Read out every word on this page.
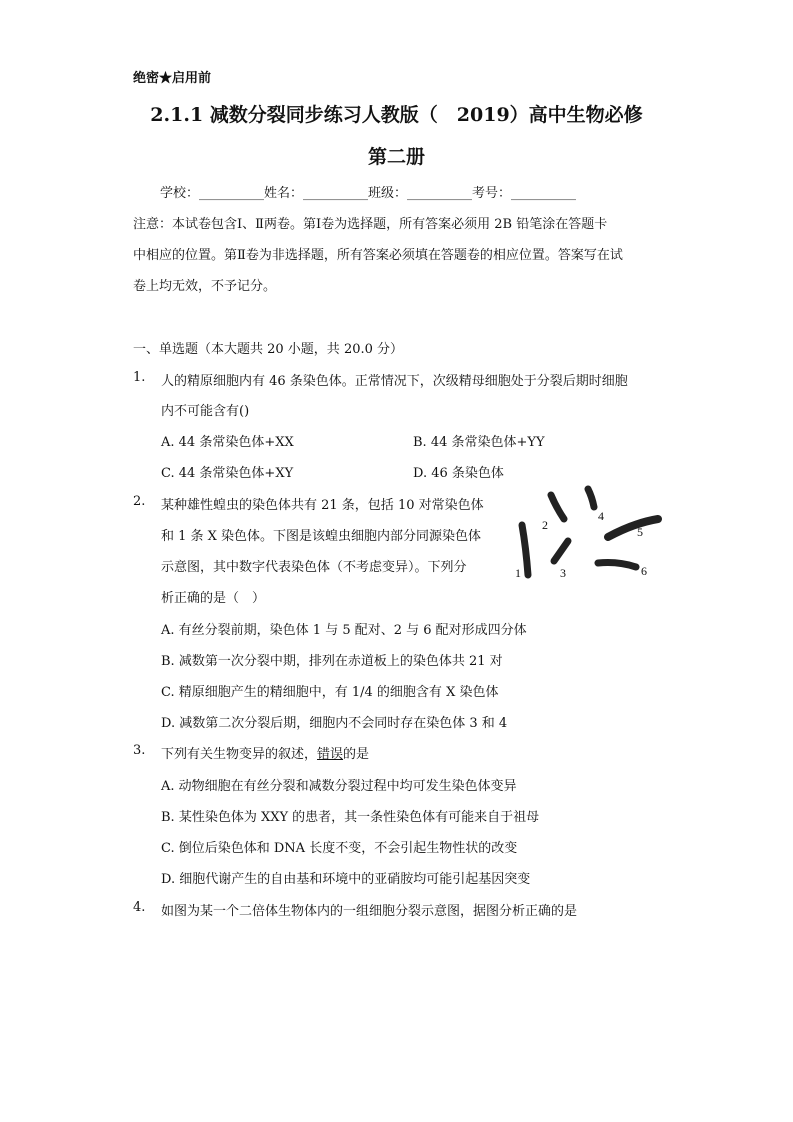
绝密★启用前
2.1.1 减数分裂同步练习人教版（　2019）高中生物必修
第二册
学校：__________姓名：__________班级：__________考号：__________
注意：本试卷包含Ⅰ、Ⅱ两卷。第Ⅰ卷为选择题，所有答案必须用 2B 铅笔涂在答题卡
中相应的位置。第Ⅱ卷为非选择题，所有答案必须填在答题卷的相应位置。答案写在试
卷上均无效，不予记分。
一、单选题（本大题共 20 小题，共 20.0 分）
1. 人的精原细胞内有 46 条染色体。正常情况下，次级精母细胞处于分裂后期时细胞
内不可能含有()
A. 44 条常染色体+XX	B. 44 条常染色体+YY
C. 44 条常染色体+XY	D. 46 条染色体
2. 某种雄性蝗虫的染色体共有 21 条，包括 10 对常染色体
和 1 条 X 染色体。下图是该蝗虫细胞内部分同源染色体
示意图，其中数字代表染色体（不考虑变异）。下列分
析正确的是（　）
1
2
3
4
5
6
A. 有丝分裂前期，染色体 1 与 5 配对、2 与 6 配对形成四分体
B. 减数第一次分裂中期，排列在赤道板上的染色体共 21 对
C. 精原细胞产生的精细胞中，有 1/4 的细胞含有 X 染色体
D. 减数第二次分裂后期，细胞内不会同时存在染色体 3 和 4
3. 下列有关生物变异的叙述，错误的是
A. 动物细胞在有丝分裂和减数分裂过程中均可发生染色体变异
B. 某性染色体为 XXY 的患者，其一条性染色体有可能来自于祖母
C. 倒位后染色体和 DNA 长度不变，不会引起生物性状的改变
D. 细胞代谢产生的自由基和环境中的亚硝胺均可能引起基因突变
4. 如图为某一个二倍体生物体内的一组细胞分裂示意图，据图分析正确的是
